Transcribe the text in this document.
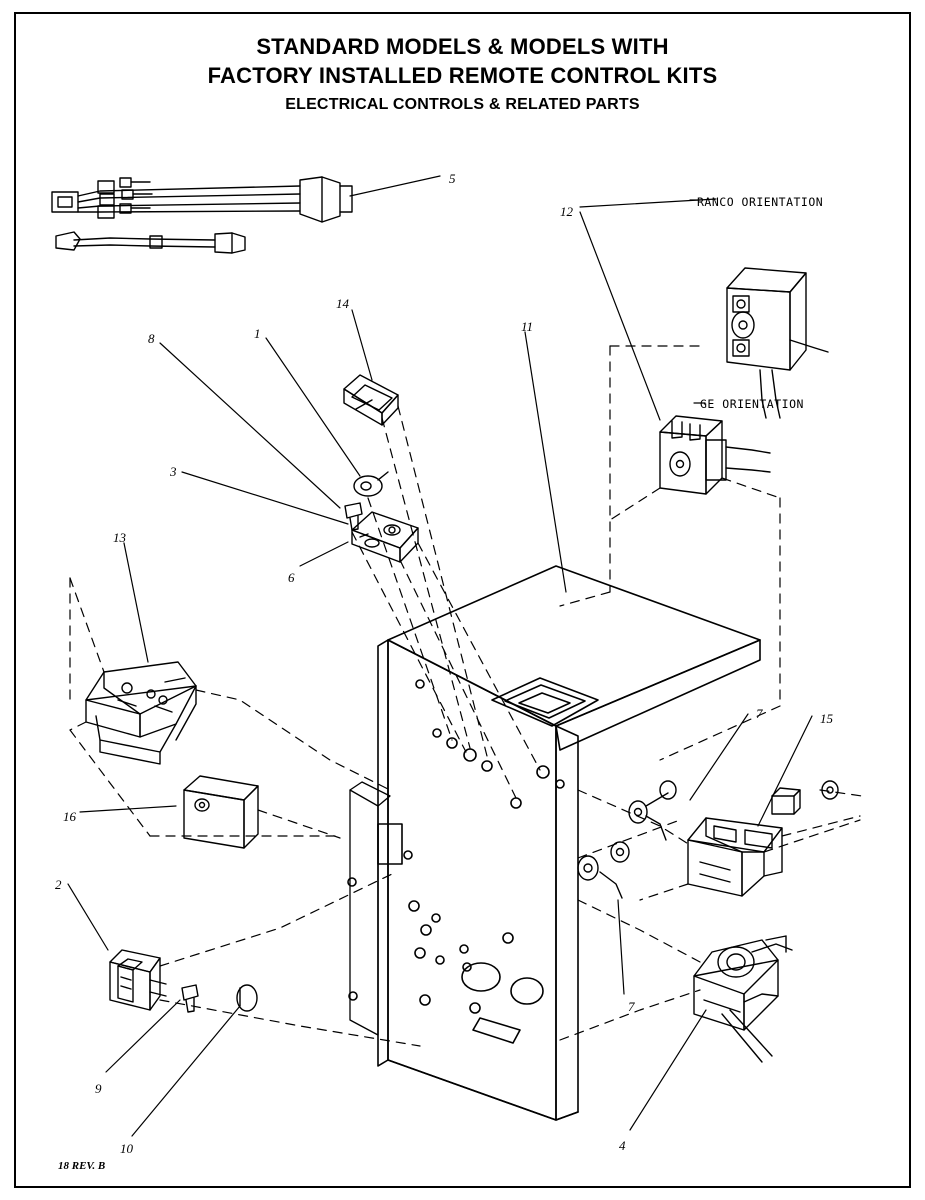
STANDARD MODELS & MODELS WITH
FACTORY INSTALLED REMOTE CONTROL KITS
ELECTRICAL CONTROLS & RELATED PARTS
RANCO ORIENTATION
GE ORIENTATION
5
12
14
11
8	1
3
6
13
16
7	15
2
7
9
10	4
18 REV. B
